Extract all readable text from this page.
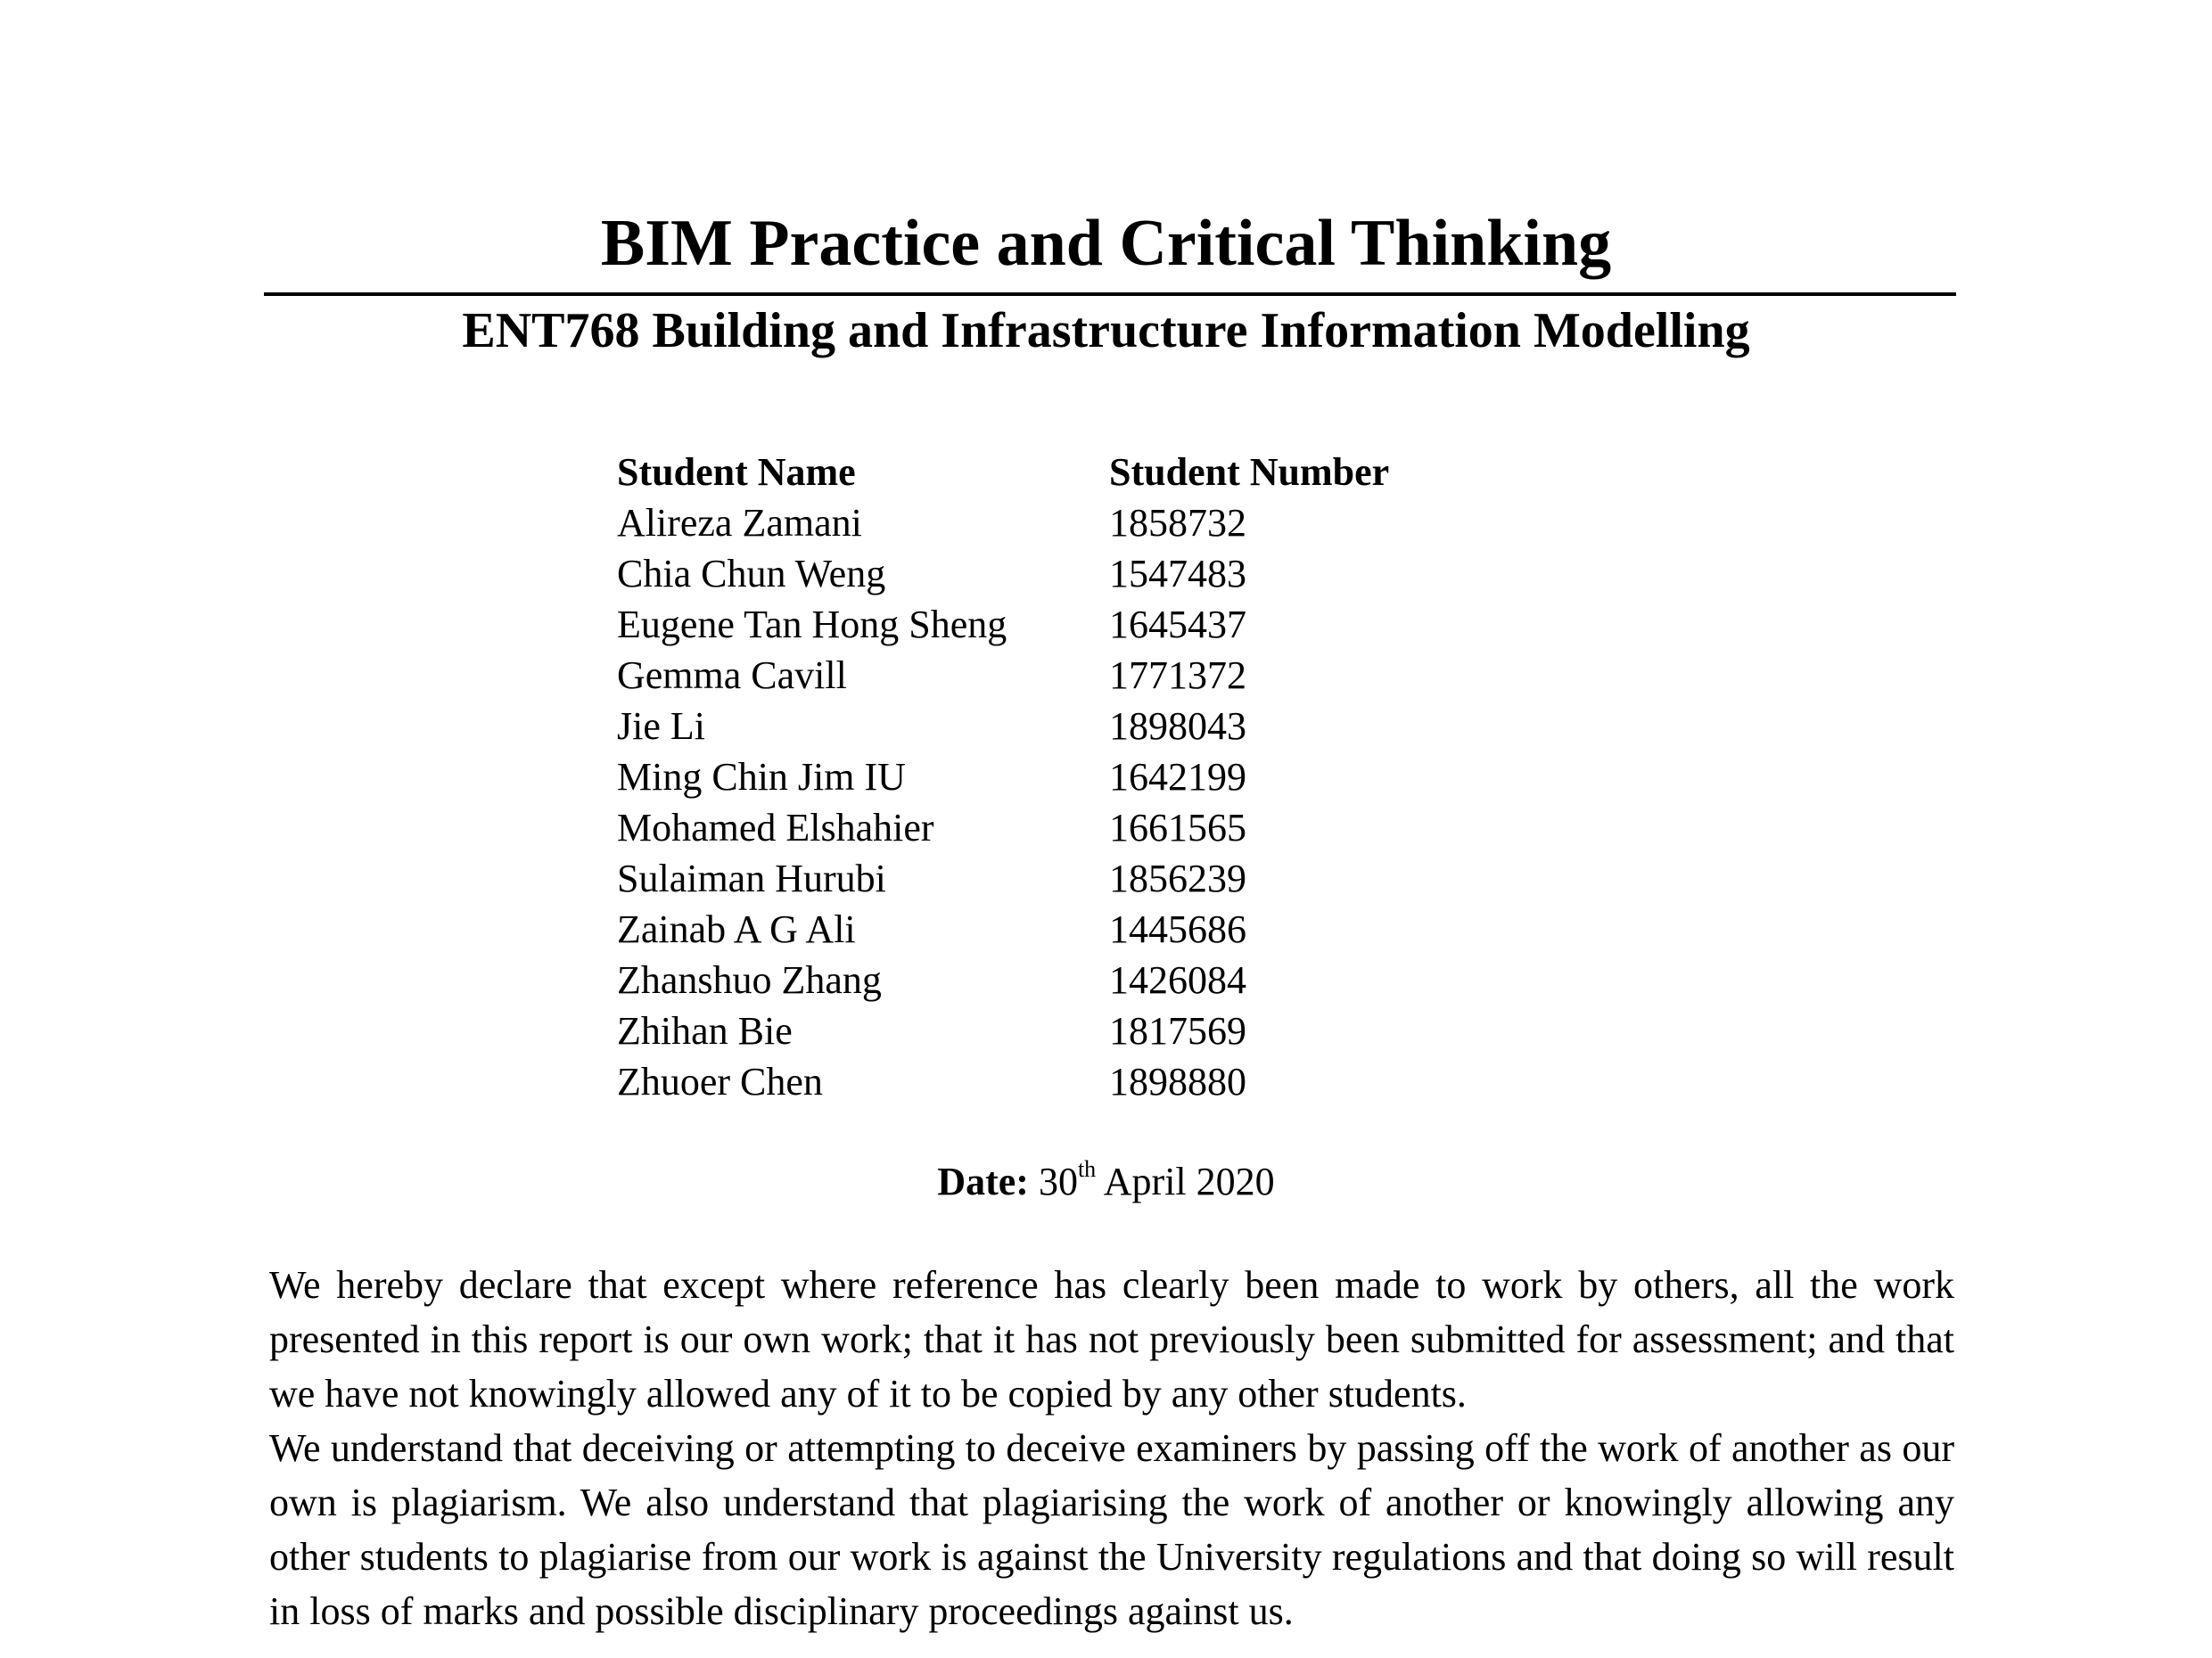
BIM Practice and Critical Thinking
ENT768 Building and Infrastructure Information Modelling
Student Name	Student Number
Alireza Zamani	1858732
Chia Chun Weng	1547483
Eugene Tan Hong Sheng	1645437
Gemma Cavill	1771372
Jie Li	1898043
Ming Chin Jim IU	1642199
Mohamed Elshahier	1661565
Sulaiman Hurubi	1856239
Zainab A G Ali	1445686
Zhanshuo Zhang	1426084
Zhihan Bie	1817569
Zhuoer Chen	1898880
Date: 30th April 2020

We hereby declare that except where reference has clearly been made to work by others, all the work presented in this report is our own work; that it has not previously been submitted for assessment; and that we have not knowingly allowed any of it to be copied by any other students.

We understand that deceiving or attempting to deceive examiners by passing off the work of another as our own is plagiarism. We also understand that plagiarising the work of another or knowingly allowing any other students to plagiarise from our work is against the University regulations and that doing so will result in loss of marks and possible disciplinary proceedings against us.
